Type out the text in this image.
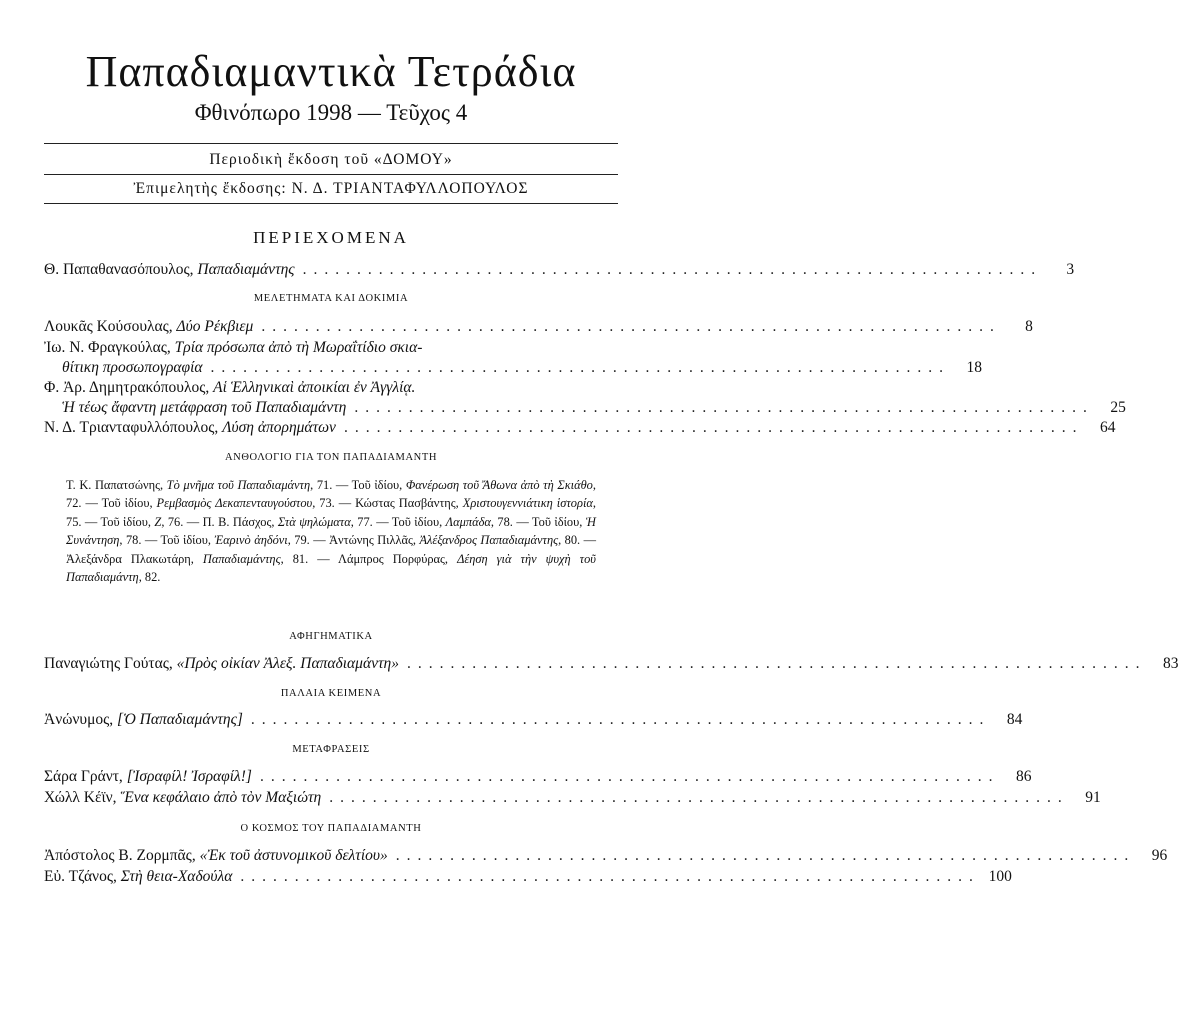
Παπαδιαμαντικὰ Τετράδια
Φθινόπωρο 1998 — Τεῦχος 4
Περιοδικὴ ἔκδοση τοῦ «ΔΟΜΟΥ»
Ἐπιμελητὴς ἔκδοσης: Ν. Δ. ΤΡΙΑΝΤΑΦΥΛΛΟΠΟΥΛΟΣ
ΠΕΡΙΕΧΟΜΕΝΑ
Θ. Παπαθανασόπουλος, Παπαδιαμάντης ....................................................................	3
ΜΕΛΕΤΗΜΑΤΑ ΚΑΙ ΔΟΚΙΜΙΑ
Λουκᾶς Κούσουλας, Δύο Ρέκβιεμ ....................................................................	8
Ἰω. Ν. Φραγκούλας, Τρία πρόσωπα ἀπὸ τὴ Μωραΐτίδιο σκια-
θίτικη προσωπογραφία ....................................................................	18
Φ. Ἀρ. Δημητρακόπουλος, Αἱ Ἑλληνικαὶ ἀποικίαι ἐν Ἀγγλίᾳ.
Ἡ τέως ἄφαντη μετάφραση τοῦ Παπαδιαμάντη ....................................................................	25
Ν. Δ. Τριανταφυλλόπουλος, Λύση ἀπορημάτων ....................................................................	64
ΑΝΘΟΛΟΓΙΟ ΓΙΑ ΤΟΝ ΠΑΠΑΔΙΑΜΑΝΤΗ
Τ. Κ. Παπατσώνης, Τὸ μνῆμα τοῦ Παπαδιαμάντη, 71. — Τοῦ ἰδίου, Φανέρωση τοῦ Ἄθωνα ἀπὸ τὴ Σκιάθο, 72. — Τοῦ ἰδίου, Ρεμβασμὸς Δεκαπενταυγούστου, 73. — Κώστας Πασβάντης, Χριστουγεννιάτικη ἱστορία, 75. — Τοῦ ἰδίου, Ζ, 76. — Π. Β. Πάσχος, Στὰ ψηλώματα, 77. — Τοῦ ἰδίου, Λαμπάδα, 78. — Τοῦ ἰδίου, Ἡ Συνάντηση, 78. — Τοῦ ἰδίου, Ἐαρινὸ ἀηδόνι, 79. — Ἀντώνης Πιλλᾶς, Ἀλέξανδρος Παπαδιαμάντης, 80. — Ἀλεξάνδρα Πλακωτάρη, Παπαδιαμάντης, 81. — Λάμπρος Πορφύρας, Δέηση γιὰ τὴν ψυχὴ τοῦ Παπαδιαμάντη, 82.
ΑΦΗΓΗΜΑΤΙΚΑ
Παναγιώτης Γούτας, «Πρὸς οἰκίαν Ἀλεξ. Παπαδιαμάντη» ....................................................................	83
ΠΑΛΑΙΑ ΚΕΙΜΕΝΑ
Ἀνώνυμος, [Ὁ Παπαδιαμάντης] ....................................................................	84
ΜΕΤΑΦΡΑΣΕΙΣ
Σάρα Γράντ, [Ἰσραφίλ! Ἰσραφίλ!] ....................................................................	86
Χώλλ Κέϊν, Ἕνα κεφάλαιο ἀπὸ τὸν Μαξιώτη ....................................................................	91
Ο ΚΟΣΜΟΣ ΤΟΥ ΠΑΠΑΔΙΑΜΑΝΤΗ
Ἀπόστολος Β. Ζορμπᾶς, «Ἐκ τοῦ ἀστυνομικοῦ δελτίου» ....................................................................	96
Εὐ. Τζάνος, Στὴ θεια-Χαδούλα .................................................................... 100
